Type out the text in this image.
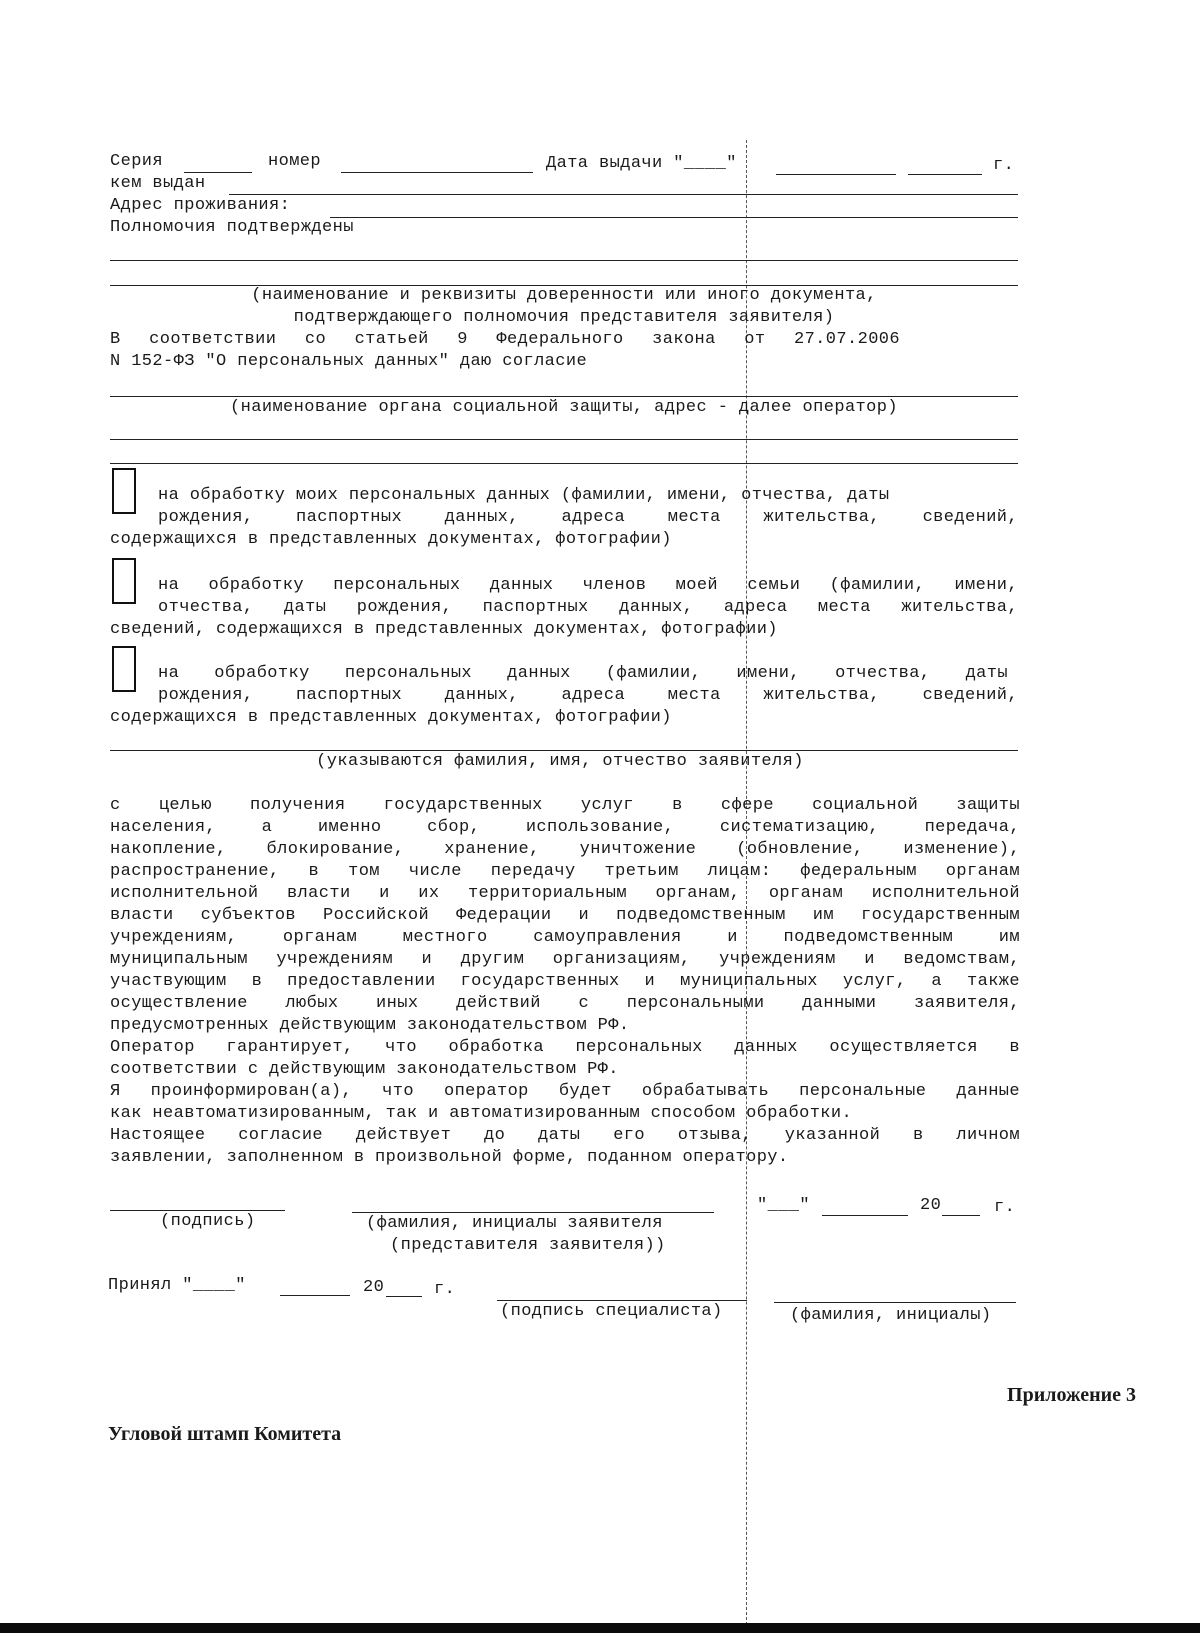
Серия	номер	Дата выдачи "____"	г.
кем выдан
Адрес проживания:
Полномочия подтверждены
(наименование и реквизиты доверенности или иного документа,
подтверждающего полномочия представителя заявителя)
В соответствии со статьей 9 Федерального закона от 27.07.2006
N 152-ФЗ "О персональных данных" даю согласие
(наименование органа социальной защиты, адрес - далее оператор)
на обработку моих персональных данных (фамилии, имени, отчества, даты
рождения, паспортных данных, адреса места жительства, сведений,
содержащихся в представленных документах, фотографии)
на обработку персональных данных членов моей семьи (фамилии, имени,
отчества, даты рождения, паспортных данных, адреса места жительства,
сведений, содержащихся в представленных документах, фотографии)
на обработку персональных данных (фамилии, имени, отчества, даты
рождения, паспортных данных, адреса места жительства, сведений,
содержащихся в представленных документах, фотографии)
(указываются фамилия, имя, отчество заявителя)
с целью получения государственных услуг в сфере социальной защиты
населения, а именно сбор, использование, систематизацию, передача,
накопление, блокирование, хранение, уничтожение (обновление, изменение),
распространение, в том числе передачу третьим лицам: федеральным органам
исполнительной власти и их территориальным органам, органам исполнительной
власти субъектов Российской Федерации и подведомственным им государственным
учреждениям, органам местного самоуправления и подведомственным им
муниципальным учреждениям и другим организациям, учреждениям и ведомствам,
участвующим в предоставлении государственных и муниципальных услуг, а также
осуществление любых иных действий с персональными данными заявителя,
предусмотренных действующим законодательством РФ.
Оператор гарантирует, что обработка персональных данных осуществляется в
соответствии с действующим законодательством РФ.
Я проинформирован(а), что оператор будет обрабатывать персональные данные
как неавтоматизированным, так и автоматизированным способом обработки.
Настоящее согласие действует до даты его отзыва, указанной в личном
заявлении, заполненном в произвольной форме, поданном оператору.
(подпись)	(фамилия, инициалы заявителя
(представителя заявителя))
"___"	20	г.
Принял "____"	20	г.
(подпись специалиста)	(фамилия, инициалы)
Приложение 3
Угловой штамп Комитета
